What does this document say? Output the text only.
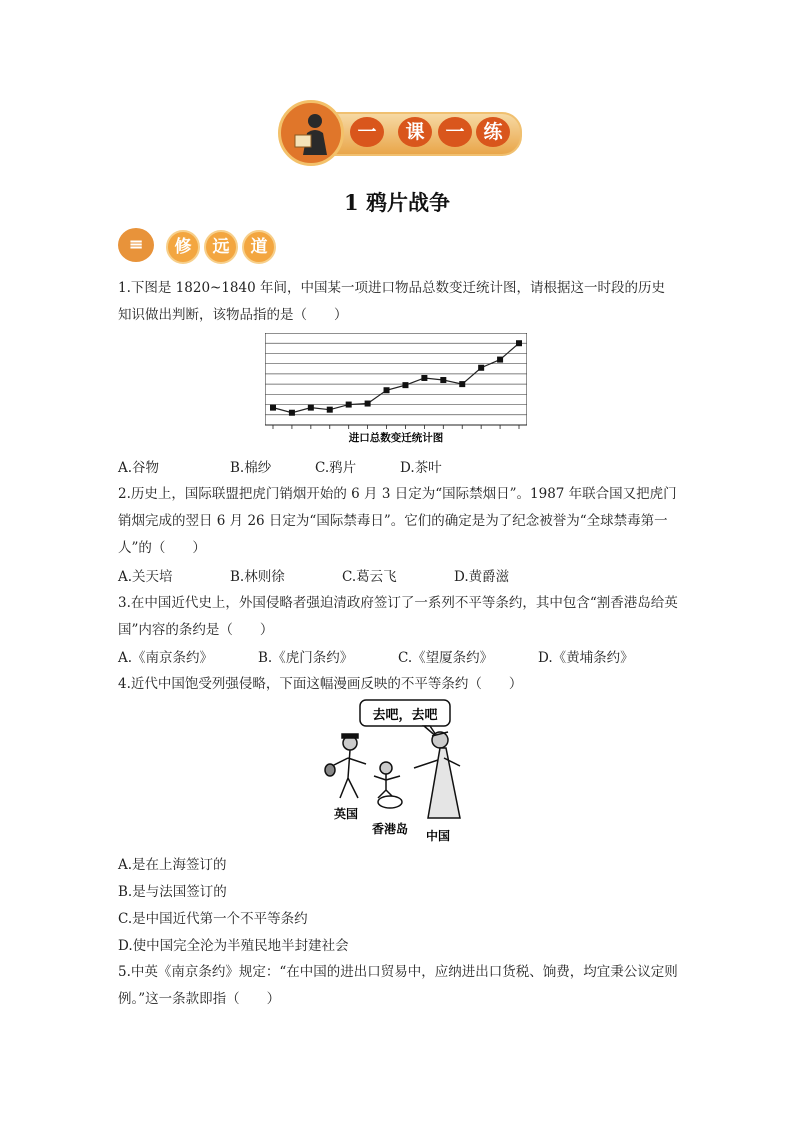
一	课	一 练
1 鸦片战争
≡	修	远	道
1.下图是 1820~1840 年间，中国某一项进口物品总数变迁统计图，请根据这一时段的历史知识做出判断，该物品指的是（　　）
进口总数变迁统计图
A.谷物	B.棉纱	C.鸦片	D.茶叶
2.历史上，国际联盟把虎门销烟开始的 6 月 3 日定为“国际禁烟日”。1987 年联合国又把虎门销烟完成的翌日 6 月 26 日定为“国际禁毒日”。它们的确定是为了纪念被誉为“全球禁毒第一人”的（　　）
A.关天培	B.林则徐	C.葛云飞	D.黄爵滋
3.在中国近代史上，外国侵略者强迫清政府签订了一系列不平等条约，其中包含“割香港岛给英国”内容的条约是（　　）
A.《南京条约》	B.《虎门条约》	C.《望厦条约》	D.《黄埔条约》
4.近代中国饱受列强侵略，下面这幅漫画反映的不平等条约（　　）
去吧，去吧
英国
香港岛 中国
A.是在上海签订的
B.是与法国签订的
C.是中国近代第一个不平等条约
D.使中国完全沦为半殖民地半封建社会
5.中英《南京条约》规定：“在中国的进出口贸易中，应纳进出口货税、饷费，均宜秉公议定则例。”这一条款即指（　　）
